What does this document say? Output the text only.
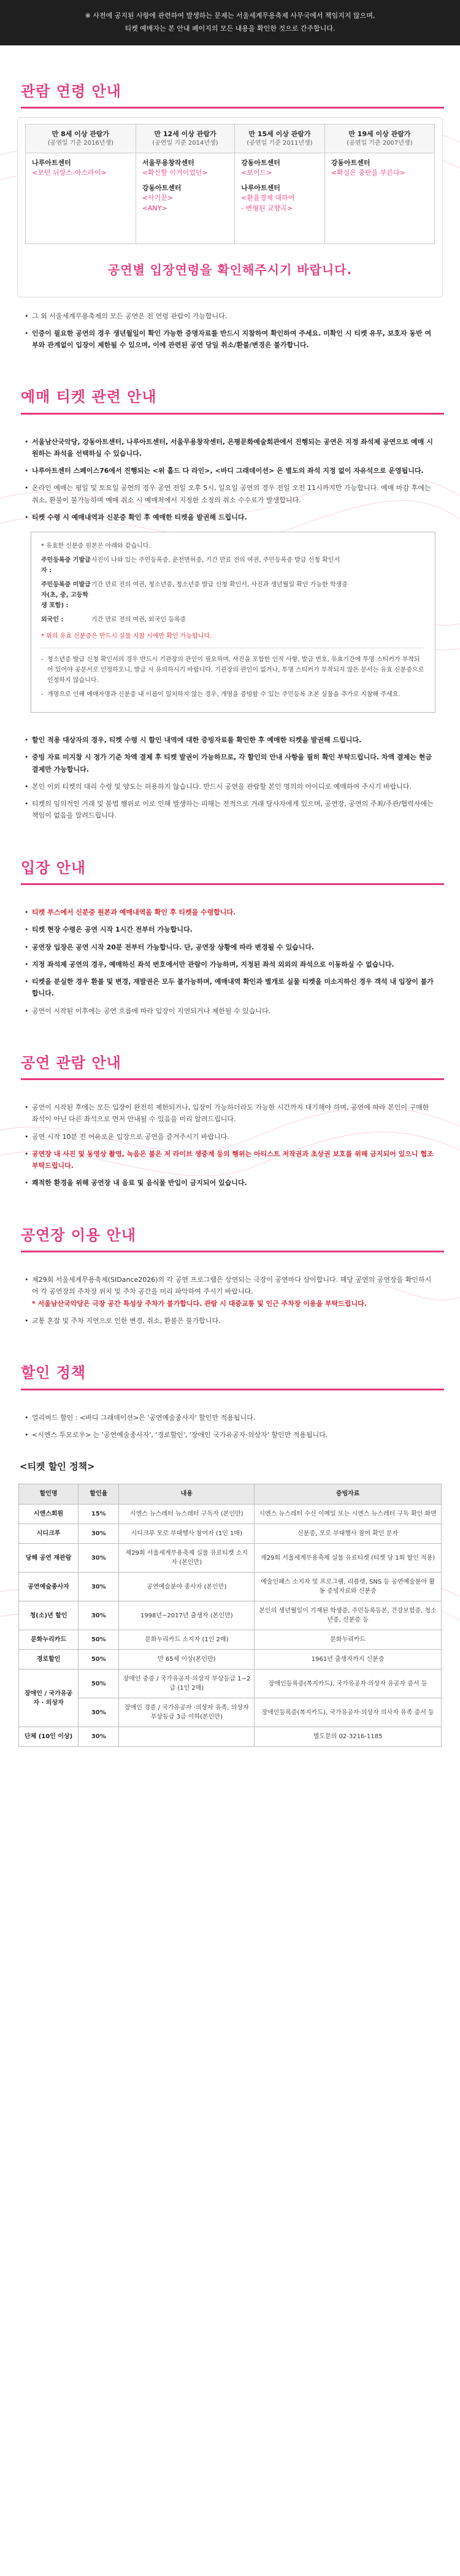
※ 사전에 공지된 사항에 관련하여 발생하는 문제는 서울세계무용축제 사무국에서 책임지지 않으며,
티켓 예매자는 본 안내 페이지의 모든 내용을 확인한 것으로 간주합니다.
관람 연령 안내
만 8세 이상 관람가
(공연일 기준 2016년생)	만 12세 이상 관람가
(공연일 기준 2014년생)	만 15세 이상 관람가
(공연일 기준 2011년생)	만 19세 이상 관람가
(공연일 기준 2007년생)

나루아트센터
<모던 뉘앙스-아스라이>	서울무용창작센터
<확신할 이거이었던>
강동아트센터
<사기꾼>
<ANY>	강동아트센터
<보이드>
나루아트센터
<환율경제 대하여
- 변형된 교향곡>	강동아트센터
<확실은 중판을 부른다>
공연별 입장연령을 확인해주시기 바랍니다.
• 그 외 서울세계무용축제의 모든 공연은 전 연령 관람이 가능합니다.
• 인증이 필요한 공연의 경우 생년월일이 확인 가능한 증명자료를 반드시 지참하여 확인하여 주세요. 미확인 시 티켓 유무, 보호자 동반 여부와 관계없이 입장이 제한될 수 있으며, 이에 관련된 공연 당일 취소/환불/변경은 불가합니다.
예매 티켓 관련 안내
• 서울남산국악당, 강동아트센터, 나루아트센터, 서울무용창작센터, 은평문화예술회관에서 진행되는 공연은 지정 좌석제 공연으로 예매 시 원하는 좌석을 선택하실 수 있습니다.
• 나루아트센터 스페이스76에서 진행되는 <위 홀드 다 라인>, <바디 그래데이션> 은 별도의 좌석 지정 없이 자유석으로 운영됩니다.
• 온라인 예매는 평일 및 토요일 공연의 경우 공연 전일 오후 5시, 일요일 공연의 경우 전일 오전 11시까지만 가능합니다. 예매 마감 후에는 취소, 환불이 불가능하며 예매 취소 시 예매처에서 지정한 소정의 취소 수수료가 발생합니다.
• 티켓 수령 시 예매내역과 신분증 확인 후 예매한 티켓을 발권해 드립니다.
* 유효한 신분증 원본은 아래와 같습니다.
주민등록증 기발급자 :
사진이 나와 있는 주민등록증, 운전면허증, 기간 만료 전의 여권, 주민등록증 발급 신청 확인서
주민등록증 미발급자(초, 중, 고등학생 포함) :
기간 만료 전의 여권, 청소년증, 청소년증 발급 신청 확인서, 사진과 생년월일 확인 가능한 학생증
외국인 :	기간 만료 전의 여권, 외국인 등록증
* 위의 유효 신분증은 반드시 실물 지참 시에만 확인 가능합니다.
- 청소년증 발급 신청 확인서의 경우 반드시 기관장의 관인이 필요하며, 사진을 포함한 인적 사항, 발급 번호, 유효기간에 투명 스티커가 부착되어 있어야 공문서로 인정하오니, 발급 시 유의하시기 바랍니다. 기관장의 관인이 없거나, 투명 스티커가 부착되지 않은 문서는 유효 신분증으로 인정하지 않습니다.
- 개명으로 인해 예매자명과 신분증 내 이름이 일치하지 않는 경우, 개명을 증빙할 수 있는 주민등록 초본 실물을 추가로 지참해 주세요.
• 할인 적용 대상자의 경우, 티켓 수령 시 할인 내역에 대한 증빙자료를 확인한 후 예매한 티켓을 발권해 드립니다.
• 증빙 자료 미지참 시 정가 기준 차액 결제 후 티켓 발권이 가능하므로, 각 할인의 안내 사항을 필히 확인 부탁드립니다. 차액 결제는 현금 결제만 가능합니다.
• 본인 이외 티켓의 대리 수령 및 양도는 허용하지 않습니다. 반드시 공연을 관람할 본인 명의의 아이디로 예매하여 주시기 바랍니다.
• 티켓의 임의적인 거래 및 불법 행위로 이로 인해 발생하는 피해는 전적으로 거래 당사자에게 있으며, 공연장, 공연의 주최/주관/협력사에는 책임이 없음을 알려드립니다.
입장 안내
• 티켓 부스에서 신분증 원본과 예매내역을 확인 후 티켓을 수령합니다.
• 티켓 현장 수령은 공연 시작 1시간 전부터 가능합니다.
• 공연장 입장은 공연 시작 20분 전부터 가능합니다. 단, 공연장 상황에 따라 변경될 수 있습니다.
• 지정 좌석제 공연의 경우, 예매하신 좌석 번호에서만 관람이 가능하며, 지정된 좌석 외외의 좌석으로 이동하실 수 없습니다.
• 티켓을 분실한 경우 환불 및 변경, 재발권은 모두 불가능하며, 예매내역 확인과 별개로 실물 티켓을 미소지하신 경우 객석 내 입장이 불가합니다.
• 공연이 시작된 이후에는 공연 흐름에 따라 입장이 지연되거나 제한될 수 있습니다.
공연 관람 안내
• 공연이 시작된 후에는 모든 입장이 완전히 제한되거나, 입장이 가능하더라도 가능한 시간까지 대기해야 하며, 공연에 따라 본인이 구매한 좌석이 아닌 다른 좌석으로 먼저 안내될 수 있음을 미리 알려드립니다.
• 공연 시작 10분 전 어유로운 입장으로 공연을 즐겨주시기 바랍니다.
• 공연장 내 사진 및 동영상 촬영, 녹음은 불은 저 라이브 생중계 등의 행위는 아티스트 저작권과 초상권 보호를 위해 금지되어 있으니 협조 부탁드립니다.
• 쾌적한 환경을 위해 공연장 내 음료 및 음식물 반입이 금지되어 있습니다.
공연장 이용 안내
• 제29회 서울세계무용축제(SIDance2026)의 각 공연 프로그램은 상연되는 극장이 공연마다 상이합니다. 해당 공연의 공연장을 확인하시어 각 공연장의 주차장 위치 및 주차 공간을 미리 파악하여 주시기 바랍니다.
* 서울남산국악당은 극장 공간 특성상 주차가 불가합니다. 관람 시 대중교통 및 인근 주차장 이용을 부탁드립니다.
• 교통 혼잡 및 주차 지연으로 인한 변경, 취소, 환불은 불가합니다.
할인 정책
• 얼리버드 할인 : <바디 그래데이션>은 '공연예술종사자' 할인만 적용됩니다.
• <시엔스 투모로우> 는 '공연예술종사자', '경로할인', '장애인 국가유공자·의상자' 할인만 적용됩니다.
<티켓 할인 정책>
할인명	할인율	내용	증빙자료
시엔스회원	15%	시엔스 뉴스레터 뉴스레터 구독자 (본인만)	시엔스 뉴스레터 수신 이메일 또는 시엔스 뉴스레터 구독 확인 화면
시디크루	30%	시디크루 모로 부대행사 참여자 (1인 1매)	신분증, 모로 부대행사 참여 확인 문자
당해 공연 재관람	30%	제29회 서울세계무용축제 실물 유료티켓 소지자 (본인만)	제29회 서울세계무용축제 실물 유료티켓 (티켓 당 1회 할인 적용)
공연예술종사자	30%	공연예술분야 종사자 (본인만)	예술인패스 소지자 및 프로그램, 리플렛, SNS 등 공연예술분야 활동 증빙자료와 신분증
청(소)년 할인	30%	1998년~2017년 출생자 (본인만)	본인의 생년월일이 기재된 학생증, 주민등록등본, 건강보험증, 청소년증, 신분증 등
문화누리카드	50%	문화누리카드 소지자 (1인 2매)	문화누리카드
경로할인	50%	만 65세 이상(본인만)	1961년 출생자까지 신분증
장애인 / 국가유공자 · 의상자	50%	장애인 중증 / 국가유공자·의상자 부상등급 1~2급 (1인 2매)	장애인등록증(복지카드), 국가유공자·의상자 유공자 증서 등
	30%	장애인 경증 / 국가유공자 ·의상자 유족, 의상자 부상등급 3급 이하(본인만)	장애인등록증(복지카드), 국가유공자·의상자 의사자 유족 증서 등
단체 (10인 이상)	30%		별도문의 02-3216-1185
